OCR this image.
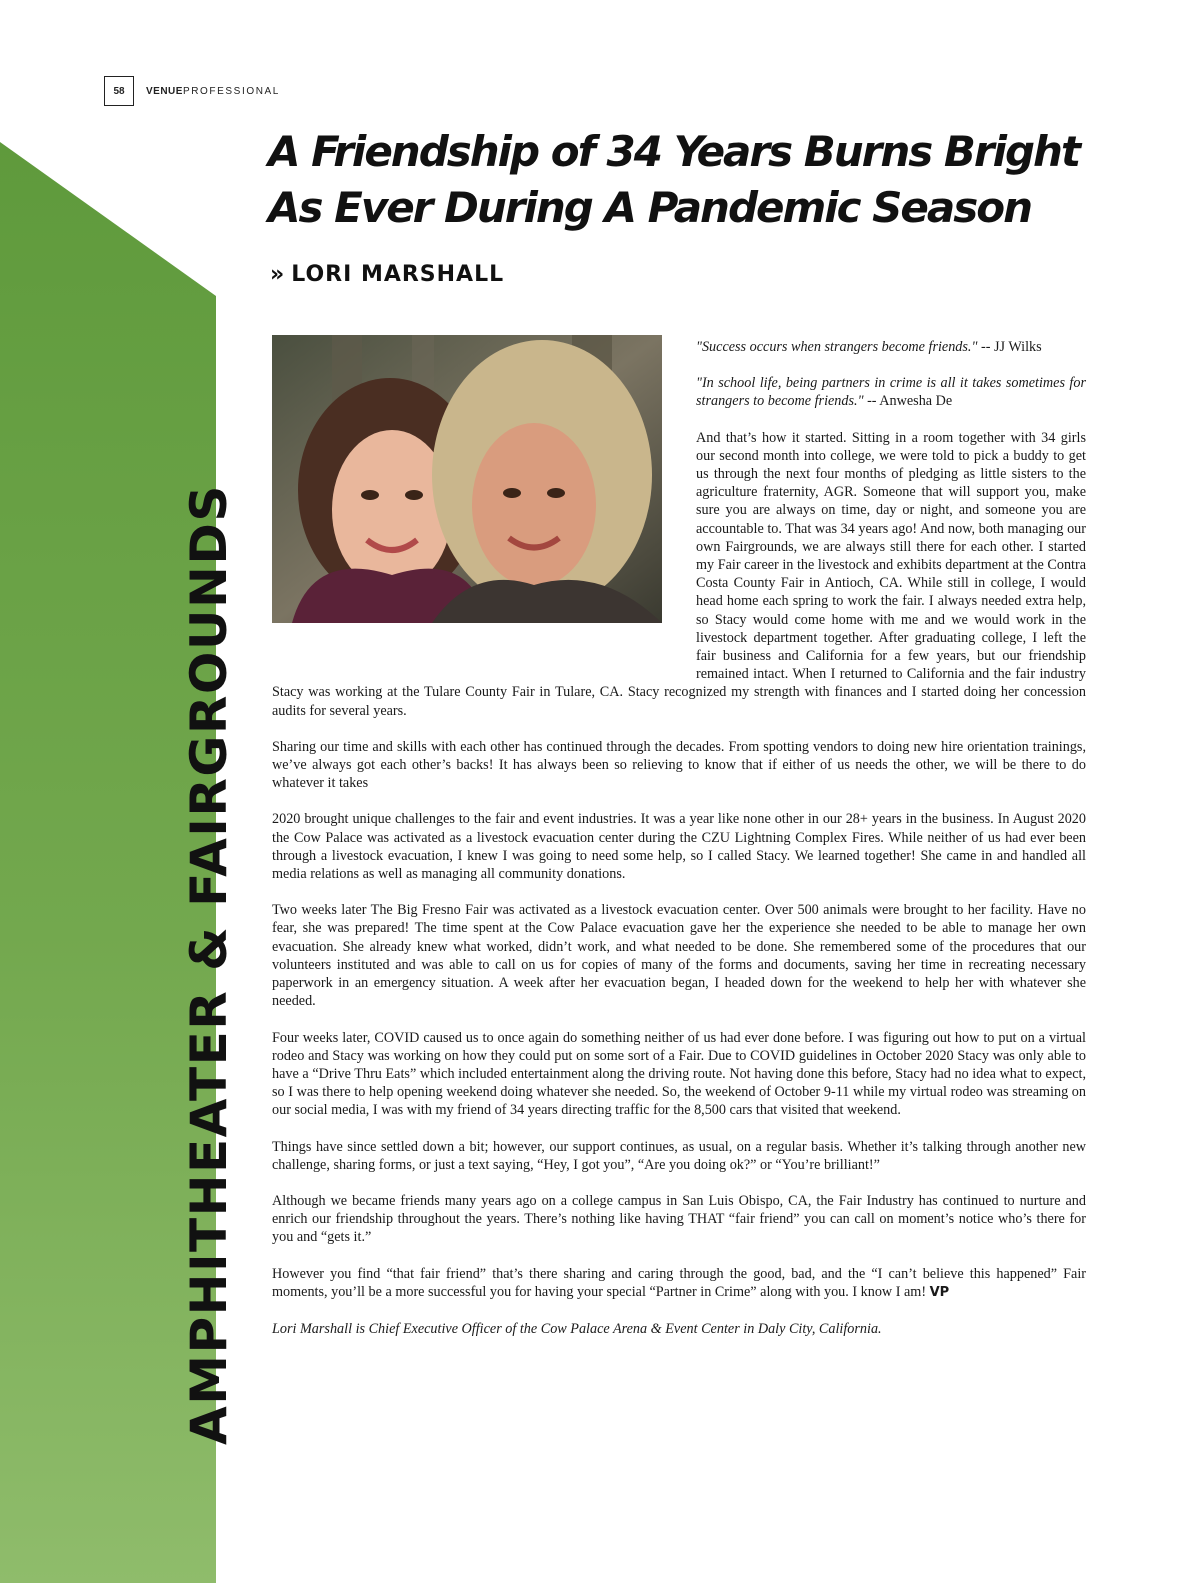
58	VENUEPROFESSIONAL
AMPHITHEATER & FAIRGROUNDS
A Friendship of 34 Years Burns Bright
As Ever During A Pandemic Season
» LORI MARSHALL

"Success occurs when strangers become friends." -- JJ Wilks

"In school life, being partners in crime is all it takes sometimes for strangers to become friends." -- Anwesha De

And that’s how it started. Sitting in a room together with 34 girls our second month into college, we were told to pick a buddy to get us through the next four months of pledging as little sisters to the agriculture fraternity, AGR. Someone that will support you, make sure you are always on time, day or night, and someone you are accountable to. That was 34 years ago! And now, both managing our own Fairgrounds, we are always still there for each other. I started my Fair career in the livestock and exhibits department at the Contra Costa County Fair in Antioch, CA. While still in college, I would head home each spring to work the fair. I always needed extra help, so Stacy would come home with me and we would work in the livestock department together. After graduating college, I left the fair business and California for a few years, but our friendship remained intact. When I returned to California and the fair industry Stacy was working at the Tulare County Fair in Tulare, CA. Stacy recognized my strength with finances and I started doing her concession audits for several years.

Sharing our time and skills with each other has continued through the decades. From spotting vendors to doing new hire orientation trainings, we’ve always got each other’s backs! It has always been so relieving to know that if either of us needs the other, we will be there to do whatever it takes

2020 brought unique challenges to the fair and event industries. It was a year like none other in our 28+ years in the business. In August 2020 the Cow Palace was activated as a livestock evacuation center during the CZU Lightning Complex Fires. While neither of us had ever been through a livestock evacuation, I knew I was going to need some help, so I called Stacy. We learned together! She came in and handled all media relations as well as managing all community donations.

Two weeks later The Big Fresno Fair was activated as a livestock evacuation center. Over 500 animals were brought to her facility. Have no fear, she was prepared! The time spent at the Cow Palace evacuation gave her the experience she needed to be able to manage her own evacuation. She already knew what worked, didn’t work, and what needed to be done. She remembered some of the procedures that our volunteers instituted and was able to call on us for copies of many of the forms and documents, saving her time in recreating necessary paperwork in an emergency situation. A week after her evacuation began, I headed down for the weekend to help her with whatever she needed.

Four weeks later, COVID caused us to once again do something neither of us had ever done before. I was figuring out how to put on a virtual rodeo and Stacy was working on how they could put on some sort of a Fair. Due to COVID guidelines in October 2020 Stacy was only able to have a “Drive Thru Eats” which included entertainment along the driving route. Not having done this before, Stacy had no idea what to expect, so I was there to help opening weekend doing whatever she needed. So, the weekend of October 9-11 while my virtual rodeo was streaming on our social media, I was with my friend of 34 years directing traffic for the 8,500 cars that visited that weekend.

Things have since settled down a bit; however, our support continues, as usual, on a regular basis. Whether it’s talking through another new challenge, sharing forms, or just a text saying, “Hey, I got you”, “Are you doing ok?” or “You’re brilliant!”

Although we became friends many years ago on a college campus in San Luis Obispo, CA, the Fair Industry has continued to nurture and enrich our friendship throughout the years. There’s nothing like having THAT “fair friend” you can call on moment’s notice who’s there for you and “gets it.”

However you find “that fair friend” that’s there sharing and caring through the good, bad, and the “I can’t believe this happened” Fair moments, you’ll be a more successful you for having your special “Partner in Crime” along with you. I know I am! VP

Lori Marshall is Chief Executive Officer of the Cow Palace Arena & Event Center in Daly City, California.
